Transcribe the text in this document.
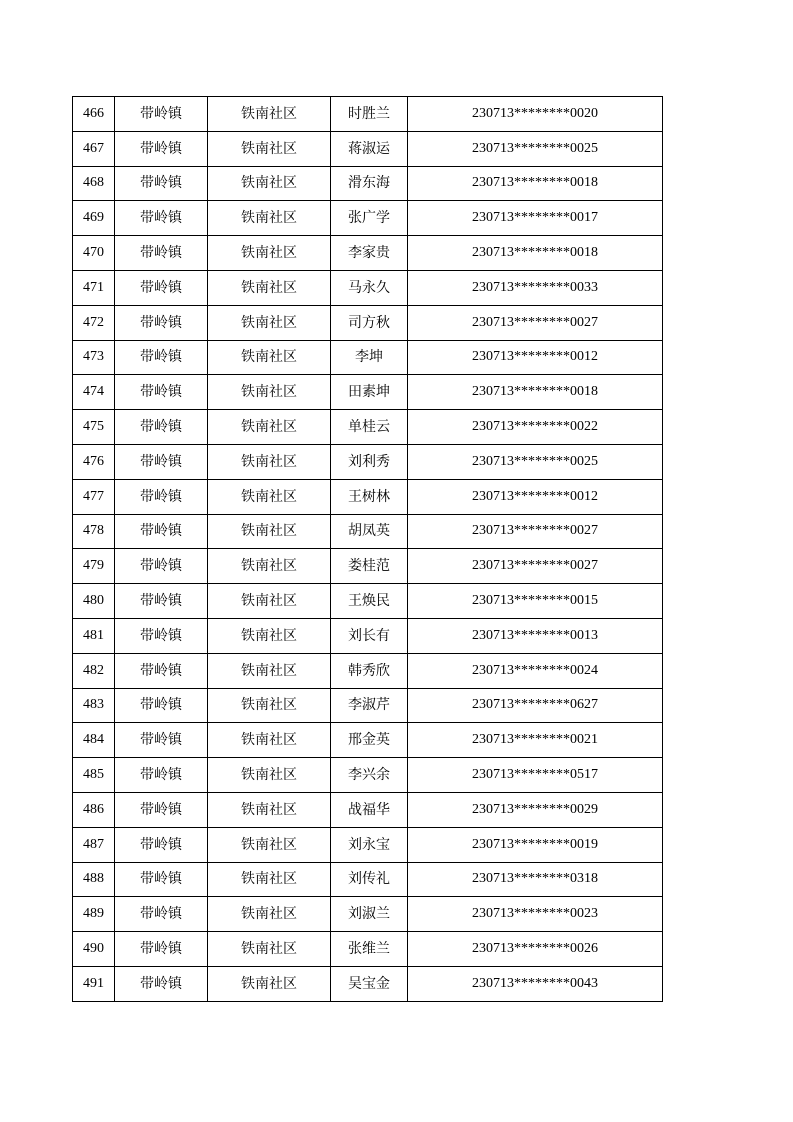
466	带岭镇	铁南社区	时胜兰	230713********0020
467	带岭镇	铁南社区	蒋淑运	230713********0025
468	带岭镇	铁南社区	滑东海	230713********0018
469	带岭镇	铁南社区	张广学	230713********0017
470	带岭镇	铁南社区	李家贵	230713********0018
471	带岭镇	铁南社区	马永久	230713********0033
472	带岭镇	铁南社区	司方秋	230713********0027
473	带岭镇	铁南社区	李坤	230713********0012
474	带岭镇	铁南社区	田素坤	230713********0018
475	带岭镇	铁南社区	单桂云	230713********0022
476	带岭镇	铁南社区	刘利秀	230713********0025
477	带岭镇	铁南社区	王树林	230713********0012
478	带岭镇	铁南社区	胡凤英	230713********0027
479	带岭镇	铁南社区	娄桂范	230713********0027
480	带岭镇	铁南社区	王焕民	230713********0015
481	带岭镇	铁南社区	刘长有	230713********0013
482	带岭镇	铁南社区	韩秀欣	230713********0024
483	带岭镇	铁南社区	李淑芹	230713********0627
484	带岭镇	铁南社区	邢金英	230713********0021
485	带岭镇	铁南社区	李兴余	230713********0517
486	带岭镇	铁南社区	战福华	230713********0029
487	带岭镇	铁南社区	刘永宝	230713********0019
488	带岭镇	铁南社区	刘传礼	230713********0318
489	带岭镇	铁南社区	刘淑兰	230713********0023
490	带岭镇	铁南社区	张维兰	230713********0026
491	带岭镇	铁南社区	吴宝金	230713********0043
